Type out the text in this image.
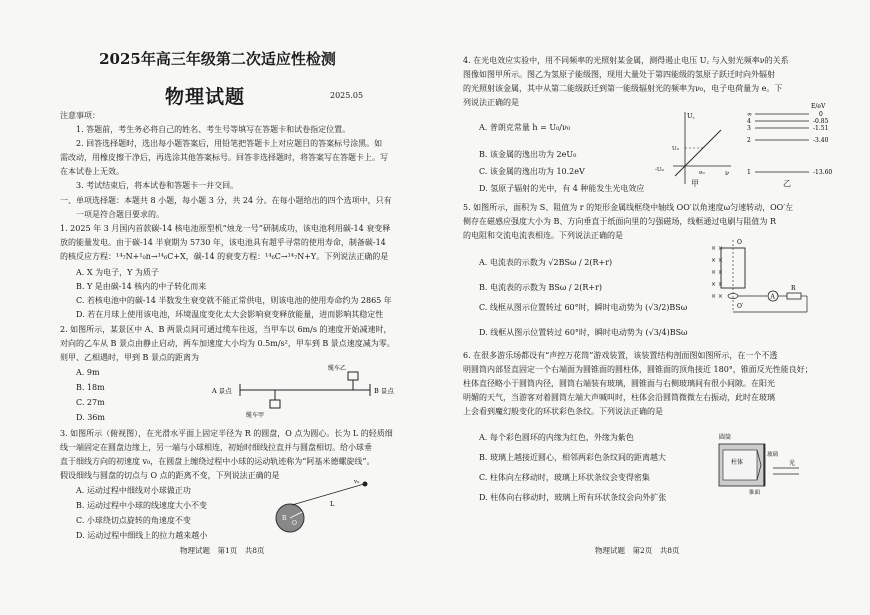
2025年高三年级第二次适应性检测
物理试题	2025.05
注意事项：
1. 答题前，考生务必将自己的姓名、考生号等填写在答题卡和试卷指定位置。
2. 回答选择题时，选出每小题答案后，用铅笔把答题卡上对应题目的答案标号涂黑。如
需改动，用橡皮擦干净后，再选涂其他答案标号。回答非选择题时，将答案写在答题卡上。写
在本试卷上无效。
3. 考试结束后，将本试卷和答题卡一并交回。
一、单项选择题：本题共 8 小题，每小题 3 分，共 24 分。在每小题给出的四个选项中，只有
一项是符合题目要求的。
1. 2025 年 3 月国内首款碳-14 核电池原型机“烛龙一号”研制成功，该电池利用碳-14 衰变释
放的能量发电。由于碳-14 半衰期为 5730 年，该电池具有超乎寻常的使用寿命，制备碳-14
的核反应方程：¹⁴₇N+¹₀n→¹⁴₆C+X，碳-14 的衰变方程：¹⁴₆C→¹⁴₇N+Y。下列说法正确的是
A. X 为电子，Y 为质子
B. Y 是由碳-14 核内的中子转化而来
C. 若核电池中的碳-14 半数发生衰变就不能正常供电，则该电池的使用寿命约为 2865 年
D. 若在月球上使用该电池，环境温度变化太大会影响衰变释放能量，进而影响其稳定性
2. 如图所示，某景区中 A、B 两景点间可通过缆车往返，当甲车以 6m/s 的速度开始减速时，
对向的乙车从 B 景点由静止启动，两车加速度大小均为 0.5m/s²，甲车到 B 景点速度减为零。
则甲、乙相遇时，甲到 B 景点的距离为
A. 9m
B. 18m
C. 27m
D. 36m
A 景点	B 景点
缆车乙
缆车甲
3. 如图所示（俯视图），在光滑水平面上固定半径为 R 的圆盘，O 点为圆心。长为 L 的轻质细
线一端固定在圆盘边缘上，另一端与小球相连，初始时细线拉直并与圆盘相切。给小球垂
直于细线方向的初速度 v₀，在圆盘上缠绕过程中小球的运动轨迹称为“阿基米德螺旋线”。
假设细线与圆盘的切点与 O 点的距离不变，下列说法正确的是
A. 运动过程中细线对小球做正功
B. 运动过程中小球的线速度大小不变
C. 小球绕切点旋转的角速度不变
D. 运动过程中细线上的拉力越来越小
R
O
L
v₀
物理试题　第1页　共8页
4. 在光电效应实验中，用不同频率的光照射某金属，测得遏止电压 U꜀ 与入射光频率ν的关系
图像如图甲所示。图乙为氢原子能级图，现用大量处于第四能级的氢原子跃迁时向外辐射
的光照射该金属，其中从第二能级跃迁到第一能级辐射光的频率为ν₀，电子电荷量为 e。下
列说法正确的是
A. 普朗克常量 h = U₀/ν₀
B. 该金属的逸出功为 2eU₀
C. 该金属的逸出功为 10.2eV
D. 氢原子辐射的光中，有 4 种能发生光电效应
U꜀
ν
U₀
-U₀	ν₀
甲
E/eV
∞	0
4	-0.85
3	-1.51
2	-3.40
1	-13.60
乙
5. 如图所示，面积为 S、阻值为 r 的矩形金属线框绕中轴线 OO′以角速度ω匀速转动，OO′左
侧存在磁感应强度大小为 B、方向垂直于纸面向里的匀强磁场，线框通过电刷与阻值为 R
的电阻和交流电流表相连。下列说法正确的是
A. 电流表的示数为 √2BSω / 2(R+r)
B. 电流表的示数为 BSω / 2(R+r)
C. 线框从图示位置转过 60°时，瞬时电动势为 (√3/2)BSω
D. 线框从图示位置转过 60°时，瞬时电动势为 (√3/4)BSω
× ×
× ×
× ×
× ×
× ×	A
R
O
O′
6. 在很多游乐场都设有“声控万花筒”游戏装置，该装置结构剖面图如图所示，在一个不透
明圆筒内部竖直固定一个右端面为圆锥面的圆柱体，圆锥面的顶角接近 180°，锥面反光性能良好；
柱体直径略小于圆筒内径，圆筒右端装有玻璃，圆锥面与右侧玻璃间有很小间隙。在阳光
明媚的天气，当游客对着圆筒左端大声喊叫时，柱体会沿圆筒微微左右振动，此时在玻璃
上会看到魔幻般变化的环状彩色条纹。下列说法正确的是
A. 每个彩色圆环的内缘为红色，外缘为紫色
B. 玻璃上越接近圆心，相邻两彩色条纹间的距离越大
C. 柱体向左移动时，玻璃上环状条纹会变得密集
D. 柱体向右移动时，玻璃上所有环状条纹会向外扩张
圆筒
柱体
锥面
玻璃
光
物理试题　第2页　共8页
